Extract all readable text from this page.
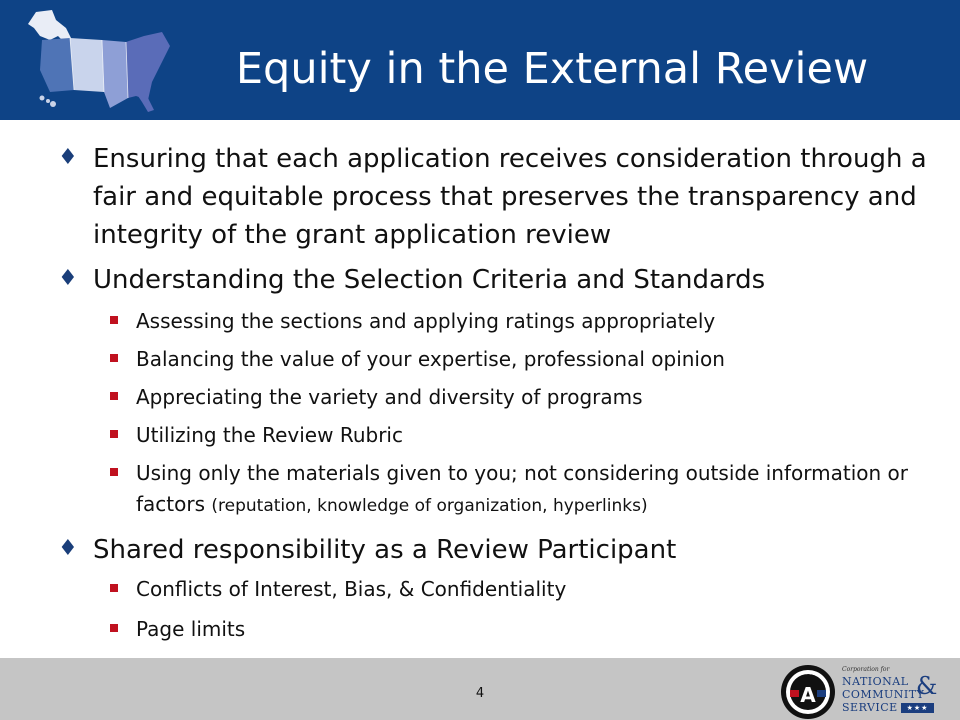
Equity in the External Review
♦ Ensuring that each application receives consideration through a fair and equitable process that preserves the transparency and integrity of the grant application review
♦ Understanding the Selection Criteria and Standards
Assessing the sections and applying ratings appropriately
Balancing the value of your expertise, professional opinion
Appreciating the variety and diversity of programs
Utilizing the Review Rubric
Using only the materials given to you; not considering outside information or factors (reputation, knowledge of organization, hyperlinks)
♦ Shared responsibility as a Review Participant
Conflicts of Interest, Bias, & Confidentiality
Page limits
4
AMERICORPS
A
Corporation for
NATIONAL &
COMMUNITY
SERVICE	★★★
